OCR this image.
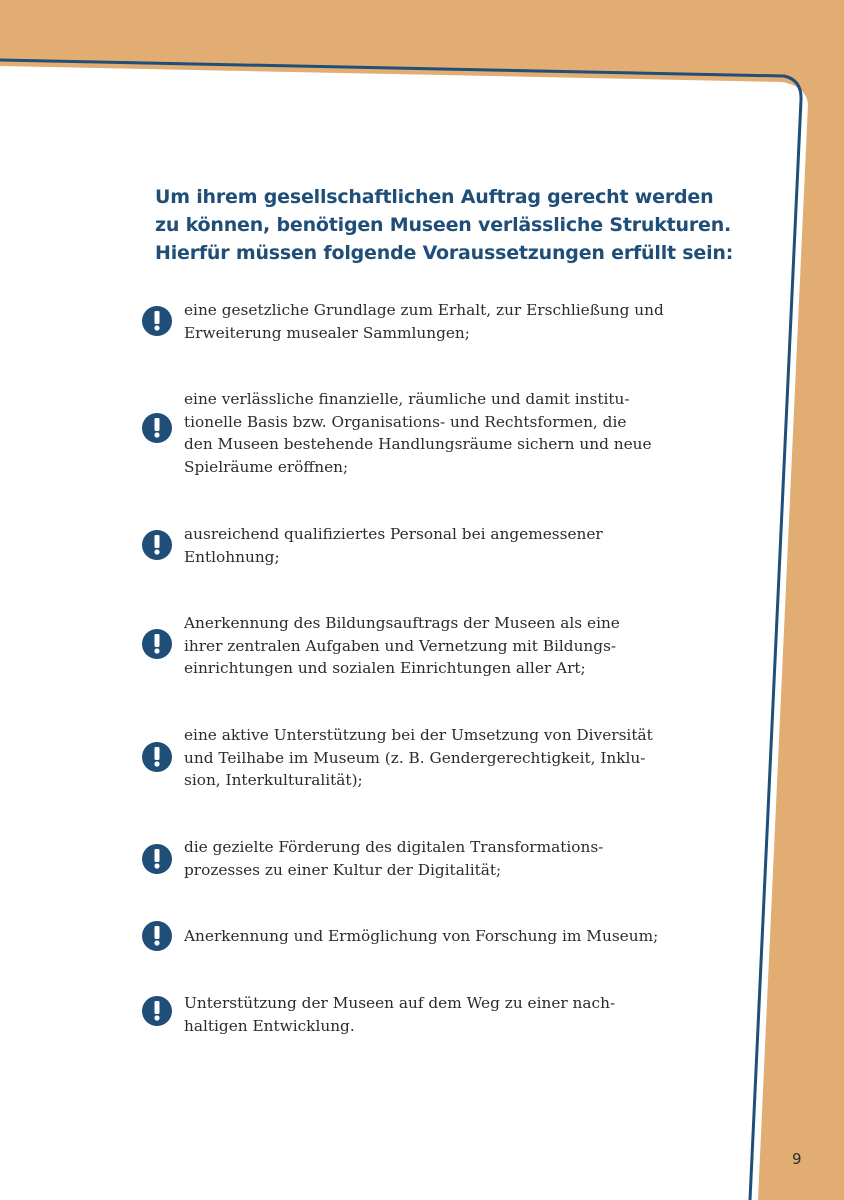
Um ihrem gesellschaftlichen Auftrag gerecht werden
zu können, benötigen Museen verlässliche Strukturen.
Hierfür müssen folgende Voraussetzungen erfüllt sein:
eine gesetzliche Grundlage zum Erhalt, zur Erschließung und
Erweiterung musealer Sammlungen;
eine verlässliche finanzielle, räumliche und damit institu-
tionelle Basis bzw. Organisations- und Rechtsformen, die
den Museen bestehende Handlungsräume sichern und neue
Spielräume eröffnen;
ausreichend qualifiziertes Personal bei angemessener
Entlohnung;
Anerkennung des Bildungsauftrags der Museen als eine
ihrer zentralen Aufgaben und Vernetzung mit Bildungs-
einrichtungen und sozialen Einrichtungen aller Art;
eine aktive Unterstützung bei der Umsetzung von Diversität
und Teilhabe im Museum (z. B. Gendergerechtigkeit, Inklu-
sion, Interkulturalität);
die gezielte Förderung des digitalen Transformations-
prozesses zu einer Kultur der Digitalität;
Anerkennung und Ermöglichung von Forschung im Museum;
Unterstützung der Museen auf dem Weg zu einer nach-
haltigen Entwicklung.
9
